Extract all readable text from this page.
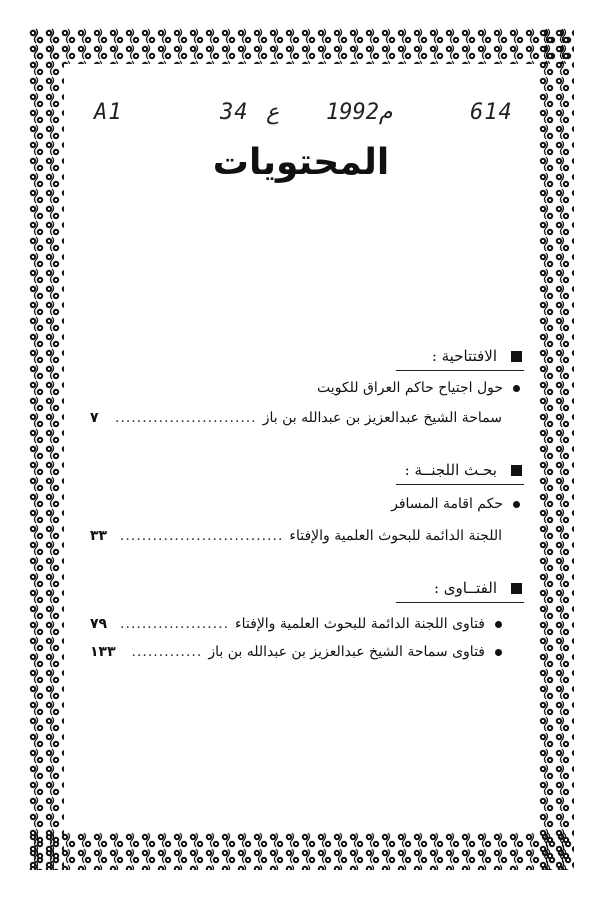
A1	34 ع 1992م	614
المحتويات
الافتتاحية :
حول اجتياح حاكم العراق للكويت
سماحة الشيخ عبدالعزيز بن عبدالله بن باز
.....
٧
بحـث اللجنــة :
حكم اقامة المسافر
اللجنة الدائمة للبحوث العلمية والإفتاء
.....
٣٣
الفتــاوى :
فتاوى اللجنة الدائمة للبحوث العلمية والإفتاء
.....
٧٩
فتاوى سماحة الشيخ عبدالعزيز بن عبدالله بن باز
.....
١٣٣
